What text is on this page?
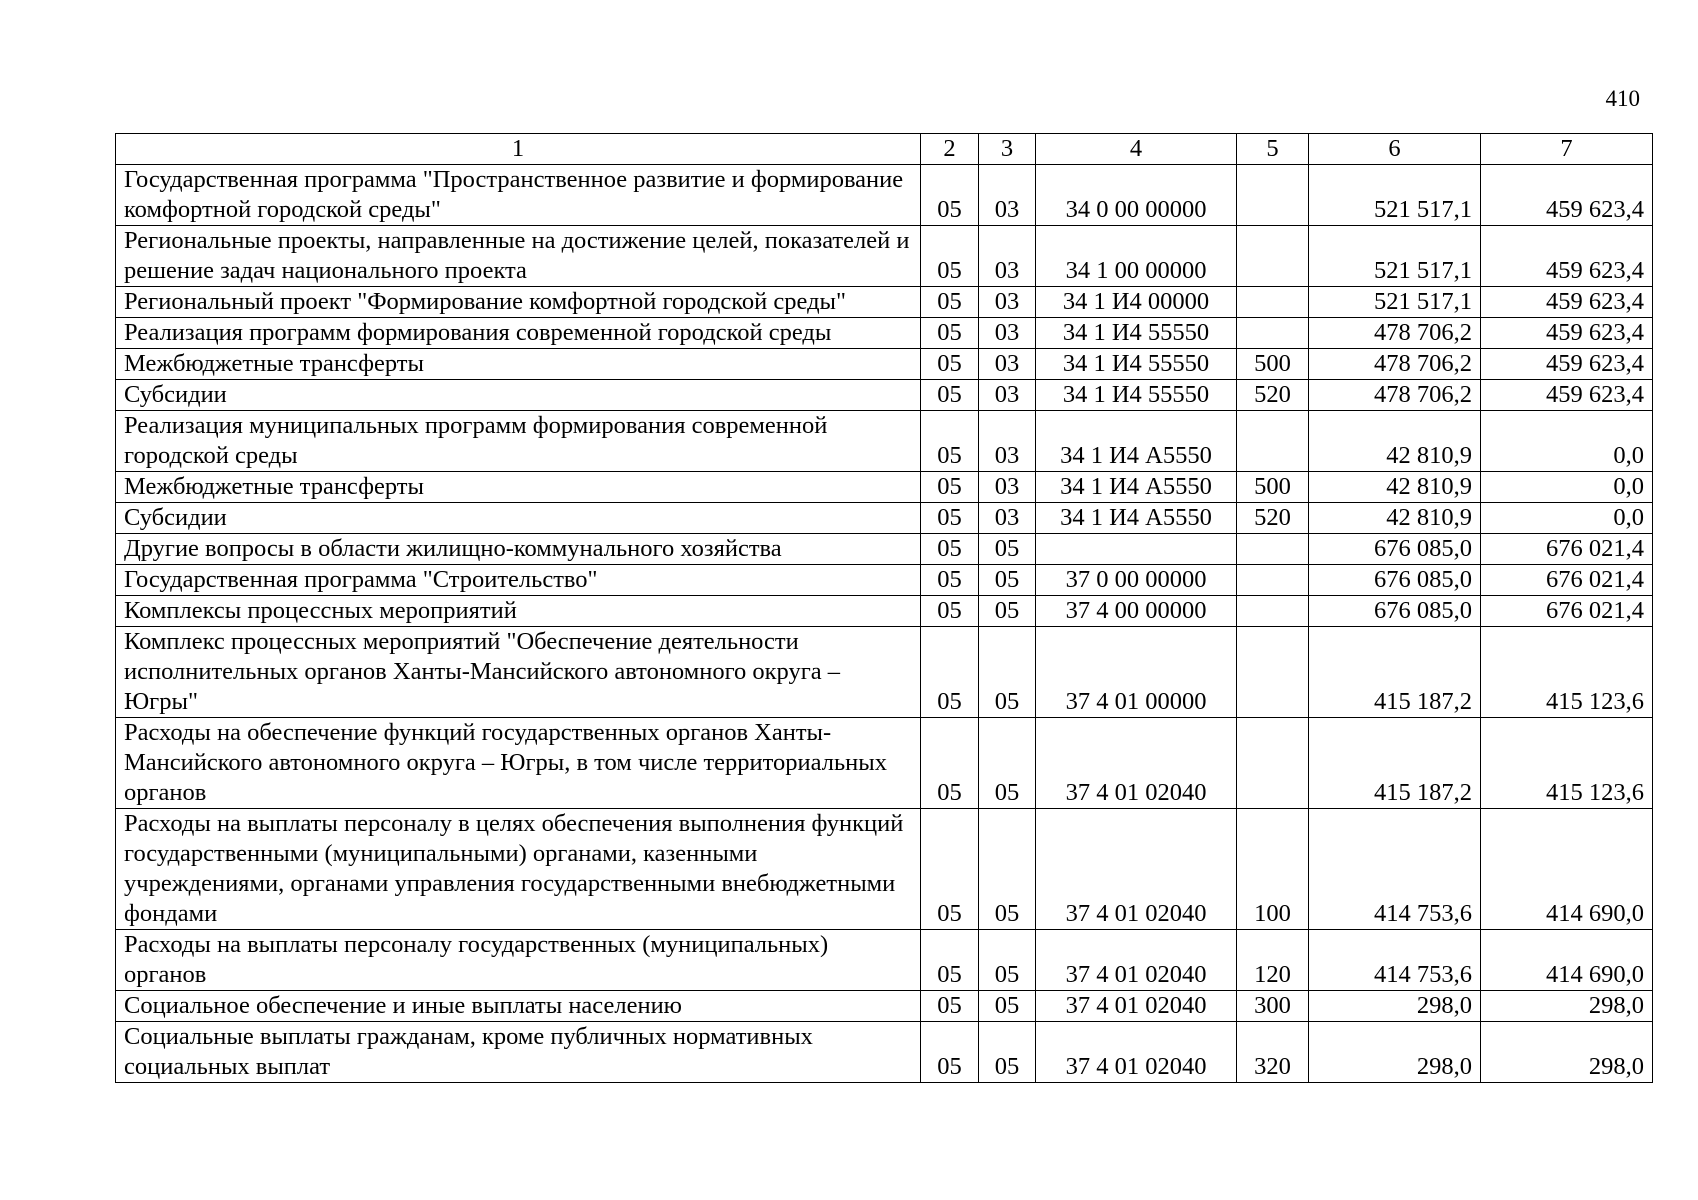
410
1	2	3	4	5	6	7
Государственная программа "Пространственное развитие и формирование комфортной городской среды"	05	03	34 0 00 00000		521 517,1	459 623,4
Региональные проекты, направленные на достижение целей, показателей и решение задач национального проекта	05	03	34 1 00 00000		521 517,1	459 623,4
Региональный проект "Формирование комфортной городской среды"	05	03	34 1 И4 00000		521 517,1	459 623,4
Реализация программ формирования современной городской среды	05	03	34 1 И4 55550		478 706,2	459 623,4
Межбюджетные трансферты	05	03	34 1 И4 55550	500	478 706,2	459 623,4
Субсидии	05	03	34 1 И4 55550	520	478 706,2	459 623,4
Реализация муниципальных программ формирования современной городской среды	05	03	34 1 И4 А5550		42 810,9	0,0
Межбюджетные трансферты	05	03	34 1 И4 А5550	500	42 810,9	0,0
Субсидии	05	03	34 1 И4 А5550	520	42 810,9	0,0
Другие вопросы в области жилищно-коммунального хозяйства	05	05			676 085,0	676 021,4
Государственная программа "Строительство"	05	05	37 0 00 00000		676 085,0	676 021,4
Комплексы процессных мероприятий	05	05	37 4 00 00000		676 085,0	676 021,4
Комплекс процессных мероприятий "Обеспечение деятельности исполнительных органов Ханты-Мансийского автономного округа – Югры"	05	05	37 4 01 00000		415 187,2	415 123,6
Расходы на обеспечение функций государственных органов Ханты-Мансийского автономного округа – Югры, в том числе территориальных органов	05	05	37 4 01 02040		415 187,2	415 123,6
Расходы на выплаты персоналу в целях обеспечения выполнения функций государственными (муниципальными) органами, казенными учреждениями, органами управления государственными внебюджетными фондами	05	05	37 4 01 02040	100	414 753,6	414 690,0
Расходы на выплаты персоналу государственных (муниципальных) органов	05	05	37 4 01 02040	120	414 753,6	414 690,0
Социальное обеспечение и иные выплаты населению	05	05	37 4 01 02040	300	298,0	298,0
Социальные выплаты гражданам, кроме публичных нормативных социальных выплат	05	05	37 4 01 02040	320	298,0	298,0
